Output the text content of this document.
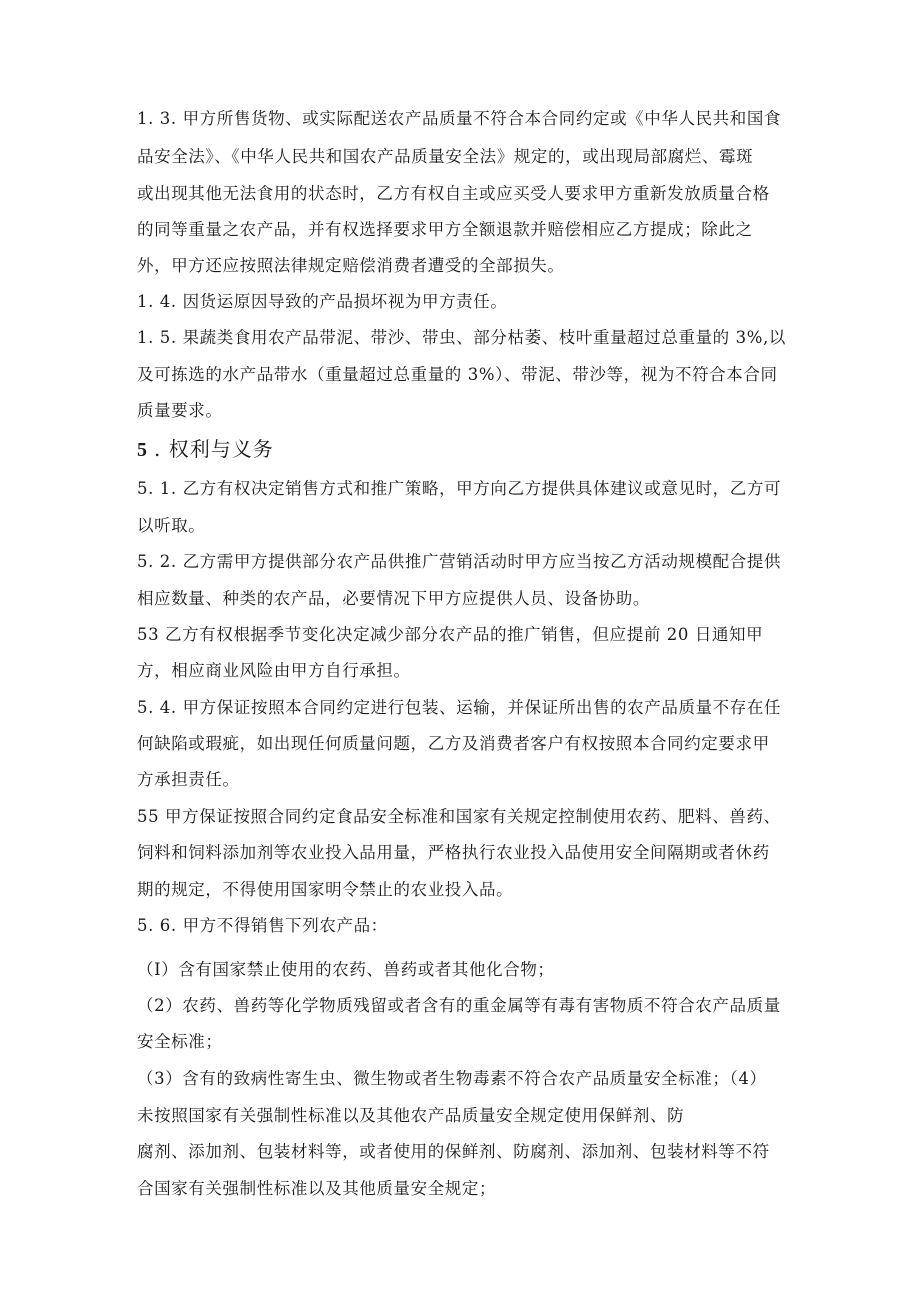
1. 3. 甲方所售货物、或实际配送农产品质量不符合本合同约定或《中华人民共和国食
品安全法》、《中华人民共和国农产品质量安全法》规定的，或出现局部腐烂、霉斑
或出现其他无法食用的状态时，乙方有权自主或应买受人要求甲方重新发放质量合格
的同等重量之农产品，并有权选择要求甲方全额退款并赔偿相应乙方提成；除此之
外，甲方还应按照法律规定赔偿消费者遭受的全部损失。
1. 4. 因货运原因导致的产品损坏视为甲方责任。
1. 5. 果蔬类食用农产品带泥、带沙、带虫、部分枯萎、枝叶重量超过总重量的 3%,以
及可拣选的水产品带水（重量超过总重量的 3%）、带泥、带沙等，视为不符合本合同
质量要求。
5 . 权利与义务
5. 1. 乙方有权决定销售方式和推广策略，甲方向乙方提供具体建议或意见时，乙方可
以听取。
5. 2. 乙方需甲方提供部分农产品供推广营销活动时甲方应当按乙方活动规模配合提供
相应数量、种类的农产品，必要情况下甲方应提供人员、设备协助。
53 乙方有权根据季节变化决定减少部分农产品的推广销售，但应提前 20 日通知甲
方，相应商业风险由甲方自行承担。
5. 4. 甲方保证按照本合同约定进行包装、运输，并保证所出售的农产品质量不存在任
何缺陷或瑕疵，如出现任何质量问题，乙方及消费者客户有权按照本合同约定要求甲
方承担责任。
55 甲方保证按照合同约定食品安全标准和国家有关规定控制使用农药、肥料、兽药、
饲料和饲料添加剂等农业投入品用量，严格执行农业投入品使用安全间隔期或者休药
期的规定，不得使用国家明令禁止的农业投入品。
5. 6. 甲方不得销售下列农产品：
（I）含有国家禁止使用的农药、兽药或者其他化合物；
（2）农药、兽药等化学物质残留或者含有的重金属等有毒有害物质不符合农产品质量
安全标准；
（3）含有的致病性寄生虫、微生物或者生物毒素不符合农产品质量安全标准；（4）
未按照国家有关强制性标准以及其他农产品质量安全规定使用保鲜剂、防
腐剂、添加剂、包装材料等，或者使用的保鲜剂、防腐剂、添加剂、包装材料等不符
合国家有关强制性标准以及其他质量安全规定；
